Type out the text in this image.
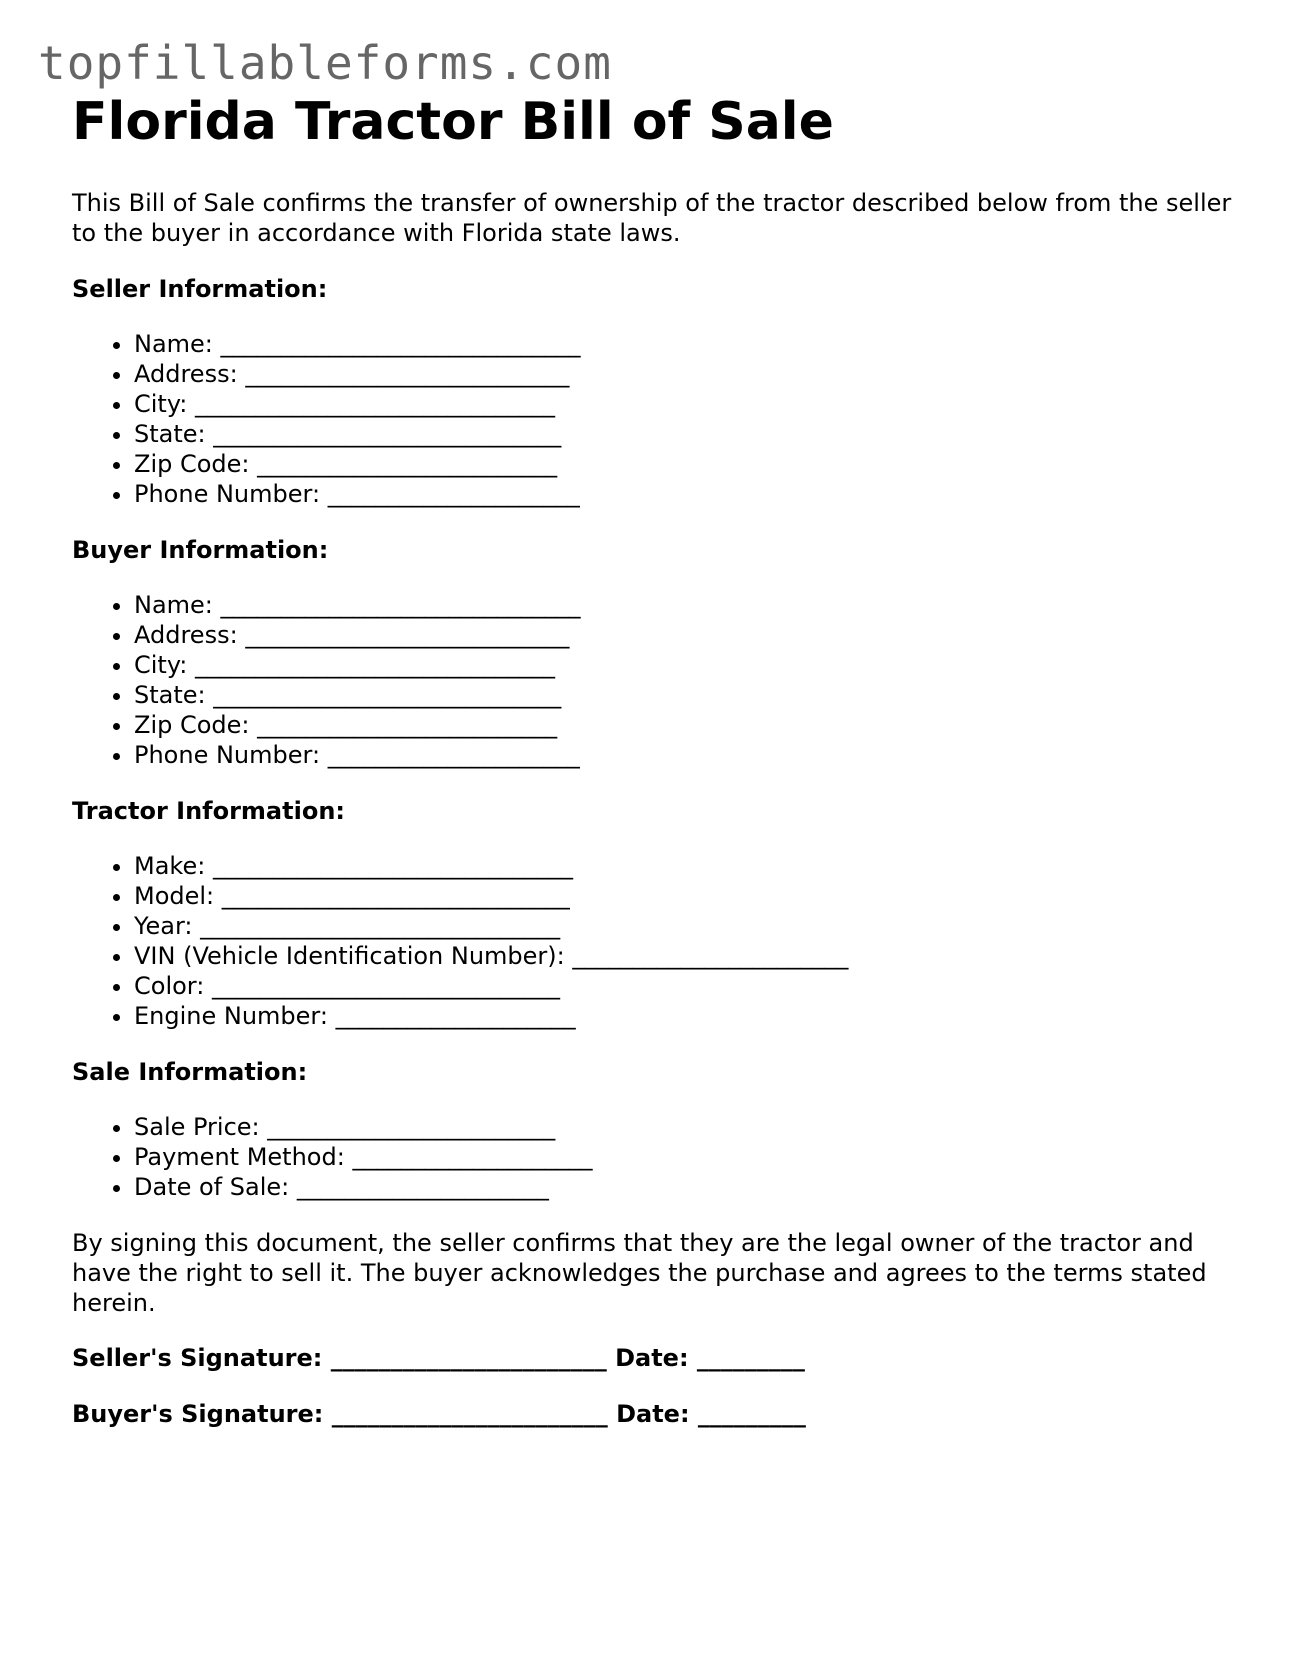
topfillableforms.com
Florida Tractor Bill of Sale

This Bill of Sale confirms the transfer of ownership of the tractor described below from the seller to the buyer in accordance with Florida state laws.

Seller Information:
• Name: ______________________________
• Address: ___________________________
• City: ______________________________
• State: _____________________________
• Zip Code: _________________________
• Phone Number: _____________________
Buyer Information:
• Name: ______________________________
• Address: ___________________________
• City: ______________________________
• State: _____________________________
• Zip Code: _________________________
• Phone Number: _____________________
Tractor Information:
• Make: ______________________________
• Model: _____________________________
• Year: ______________________________
• VIN (Vehicle Identification Number): _______________________
• Color: _____________________________
• Engine Number: ____________________
Sale Information:
• Sale Price: ________________________
• Payment Method: ____________________
• Date of Sale: _____________________

By signing this document, the seller confirms that they are the legal owner of the tractor and have the right to sell it. The buyer acknowledges the purchase and agrees to the terms stated herein.

Seller's Signature: _______________________ Date: _________
Buyer's Signature: _______________________ Date: _________
